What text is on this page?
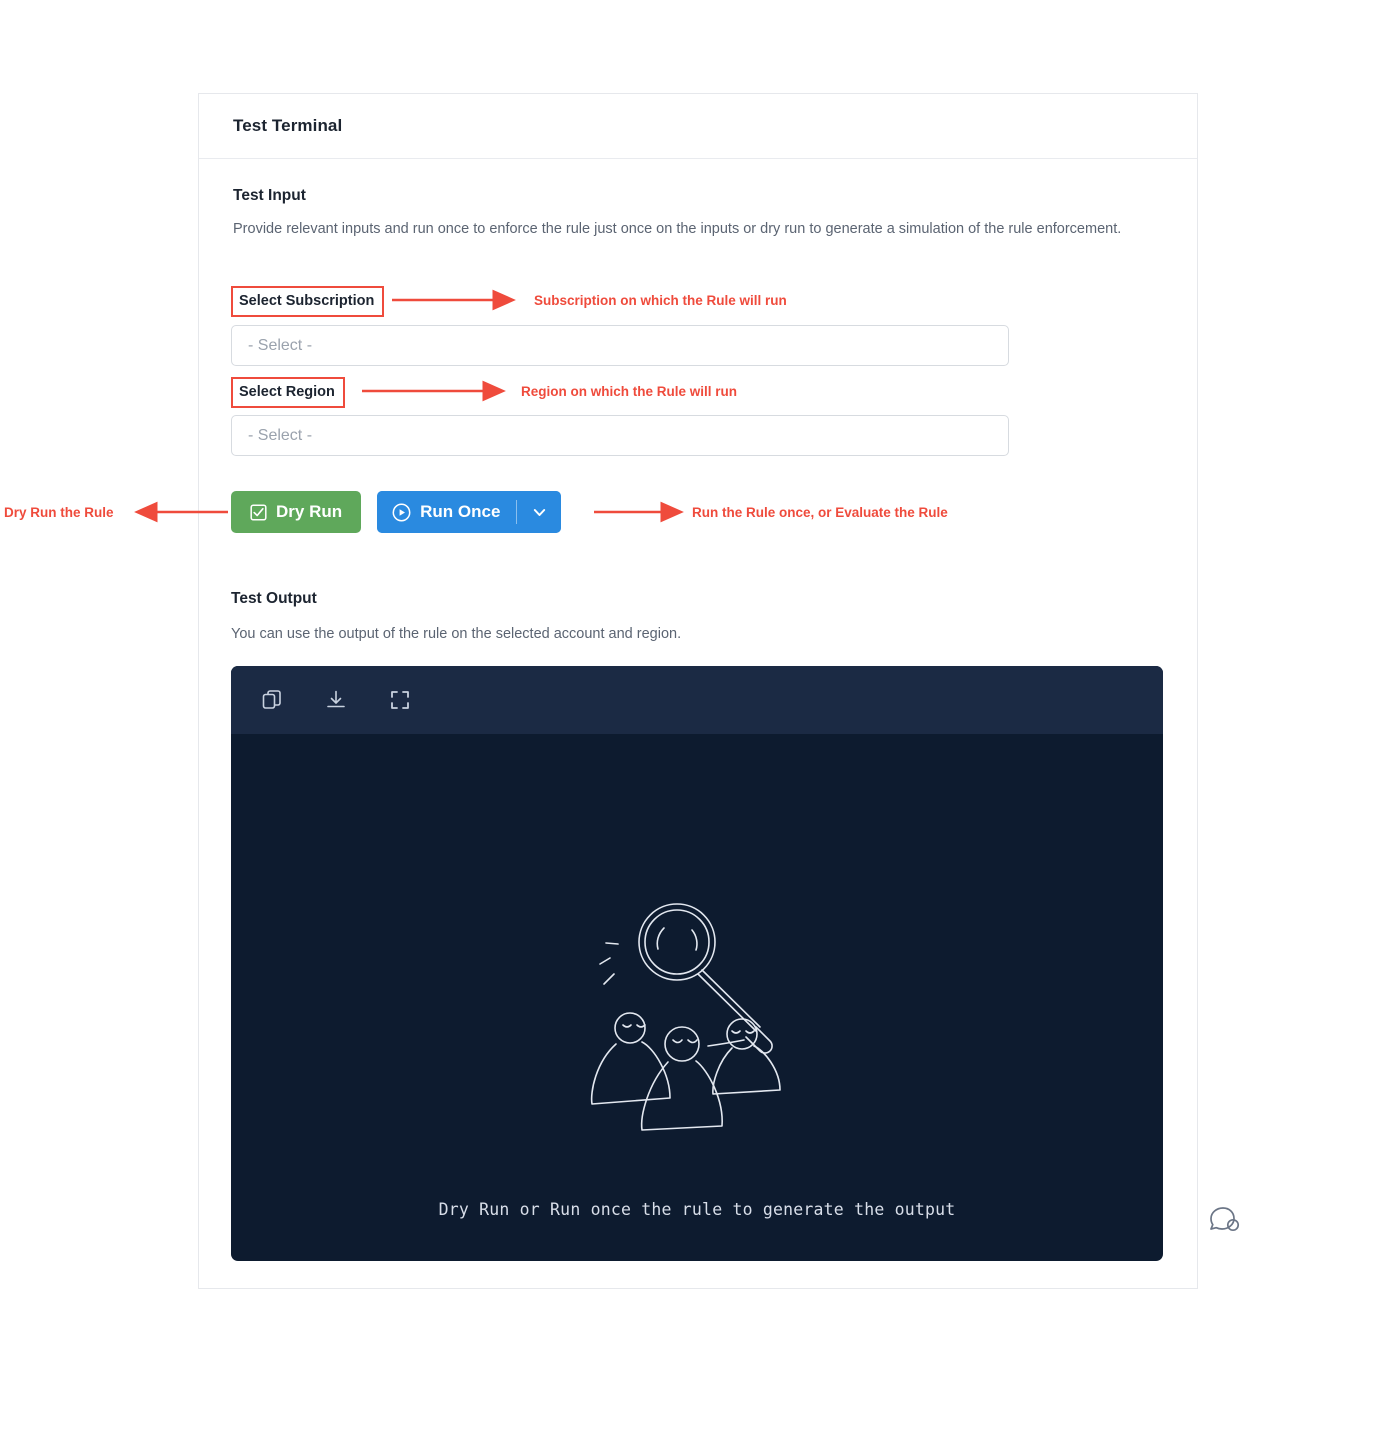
Test Terminal
Test Input

Provide relevant inputs and run once to enforce the rule just once on the inputs or dry run to generate a simulation of the rule enforcement.

Select Subscription
- Select -
Select Region
- Select -
Dry Run	Run Once
Test Output
You can use the output of the rule on the selected account and region.
Dry Run or Run once the rule to generate the output
Subscription on which the Rule will run
Region on which the Rule will run
Dry Run the Rule	Run the Rule once, or Evaluate the Rule
